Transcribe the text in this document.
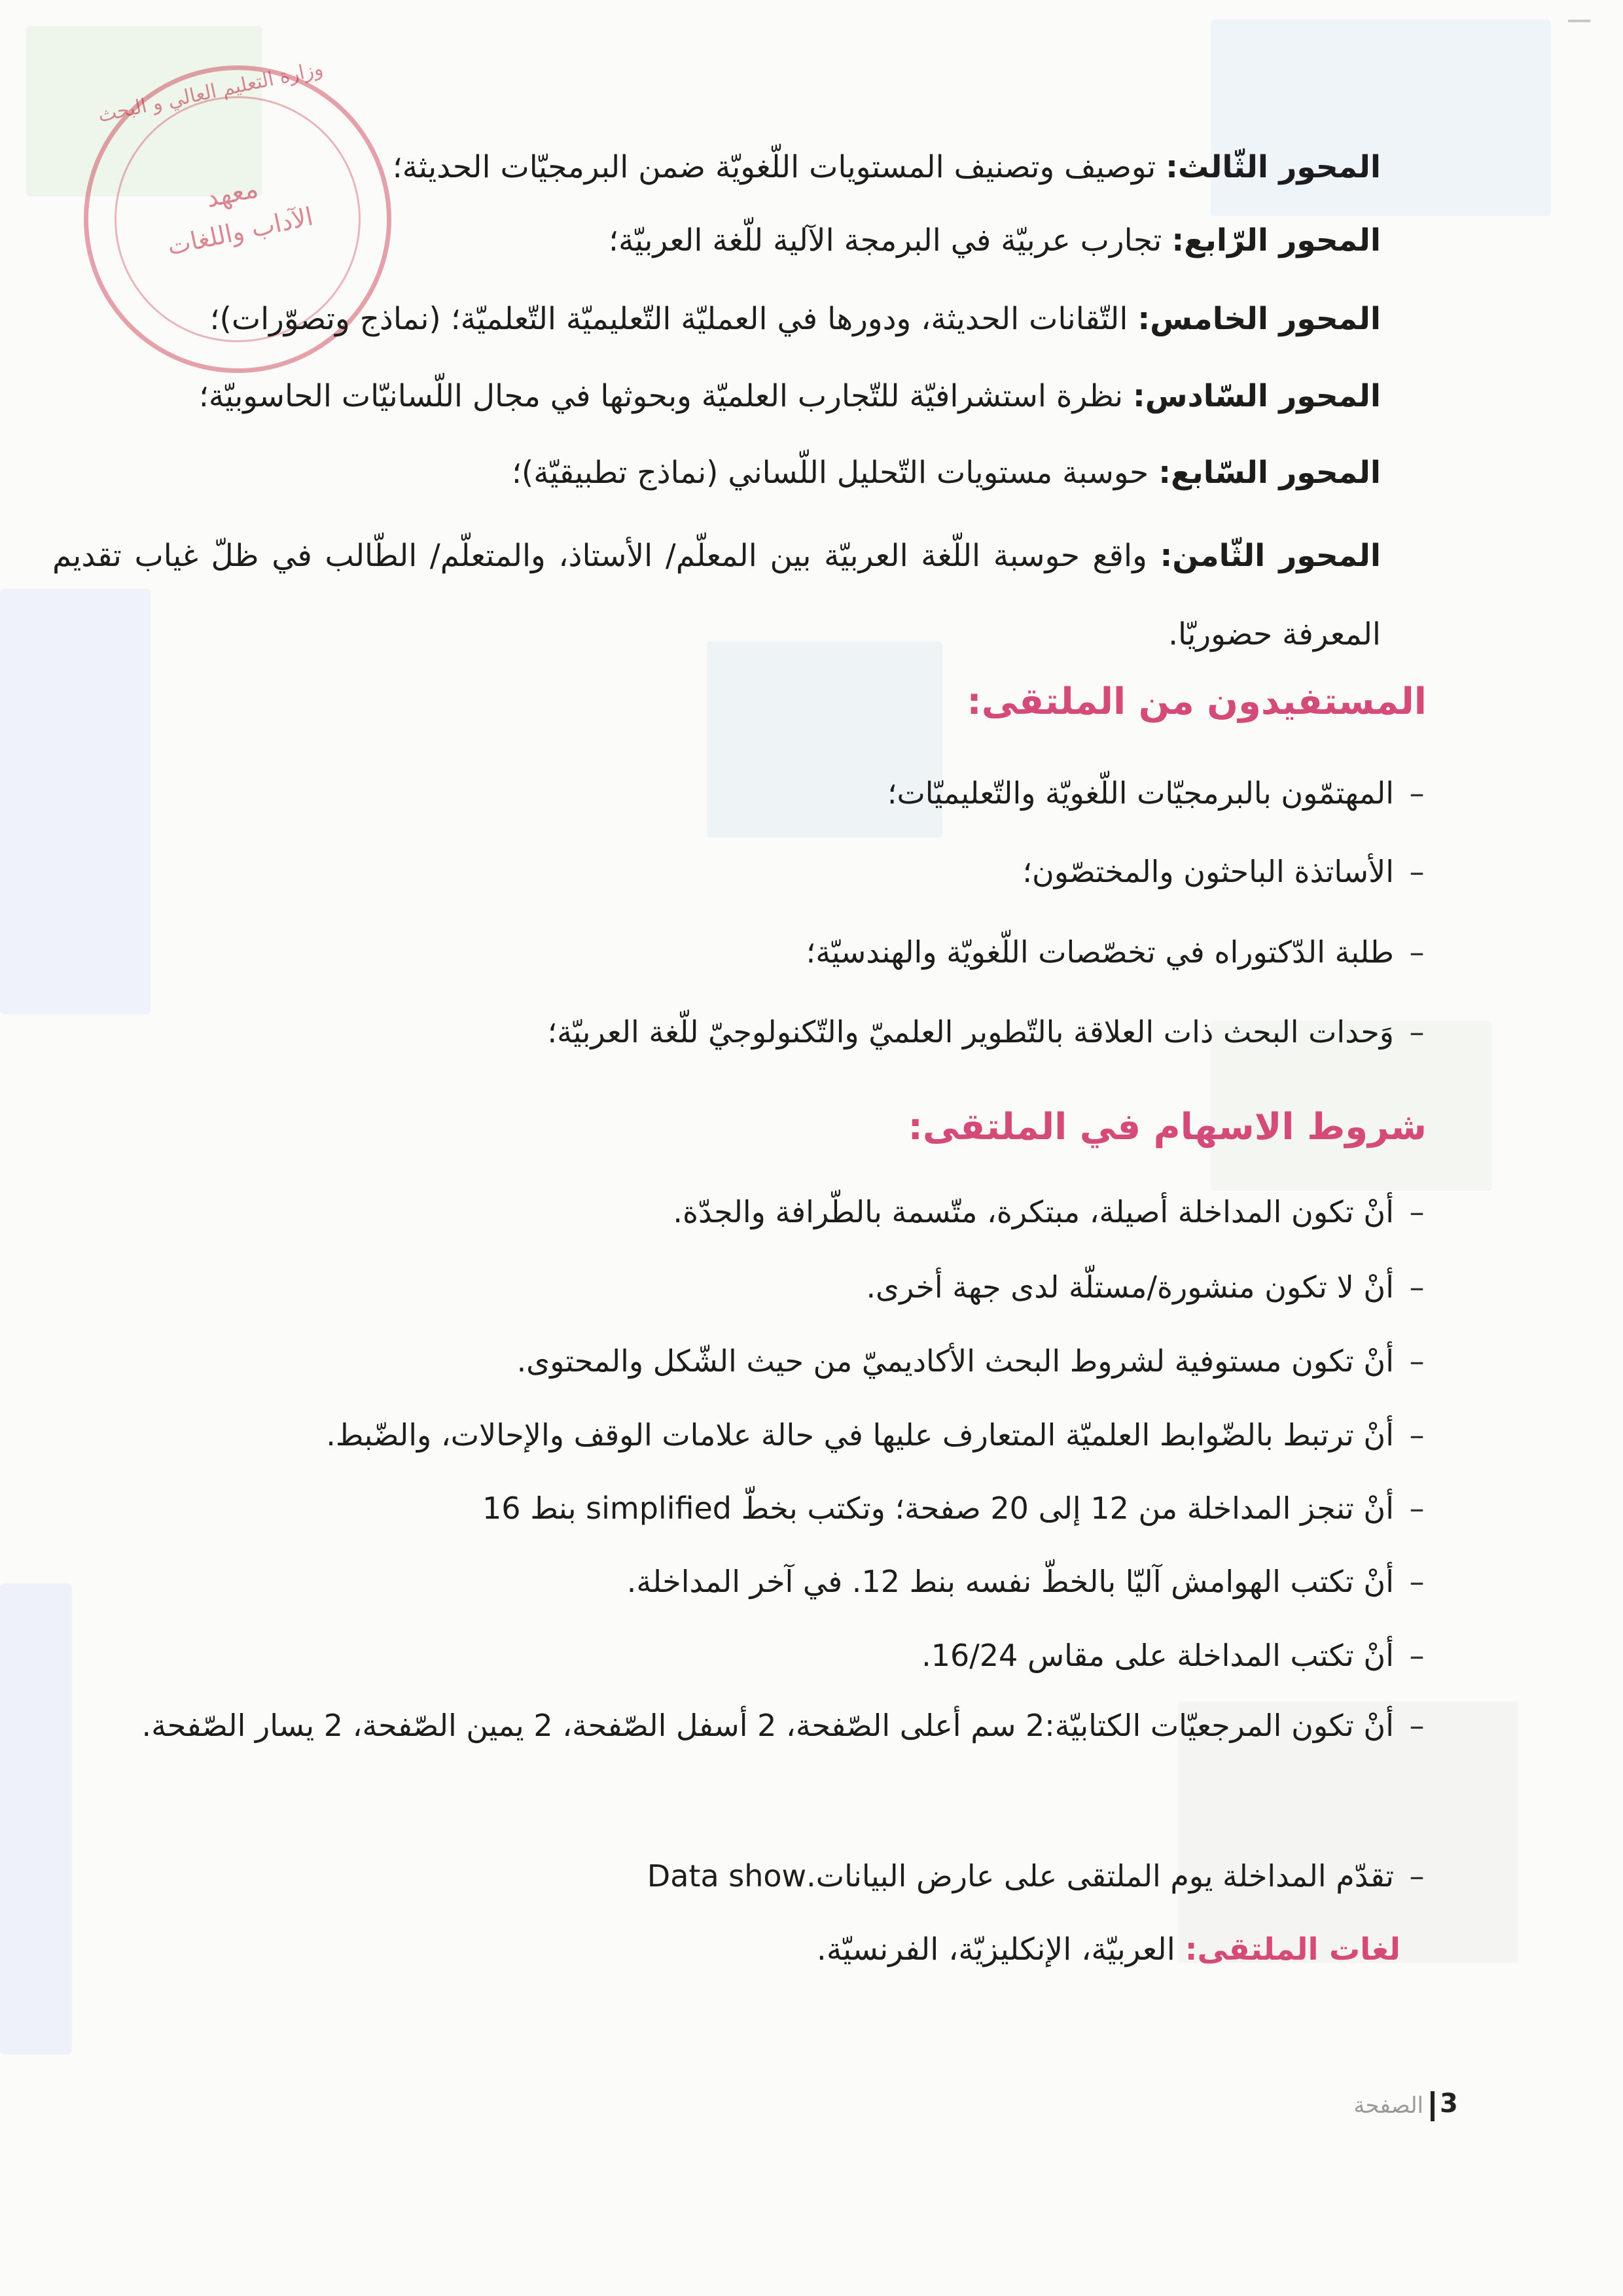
وزارة التعليم العالي و البحث
معهد
الآداب واللغات
المحور الثّالث: توصيف وتصنيف المستويات اللّغويّة ضمن البرمجيّات الحديثة؛
المحور الرّابع: تجارب عربيّة في البرمجة الآلية للّغة العربيّة؛
المحور الخامس: التّقانات الحديثة، ودورها في العمليّة التّعليميّة التّعلميّة؛ (نماذج وتصوّرات)؛
المحور السّادس: نظرة استشرافيّة للتّجارب العلميّة وبحوثها في مجال اللّسانيّات الحاسوبيّة؛
المحور السّابع: حوسبة مستويات التّحليل اللّساني (نماذج تطبيقيّة)؛
المحور الثّامن: واقع حوسبة اللّغة العربيّة بين المعلّم/ الأستاذ، والمتعلّم/ الطّالب في ظلّ غياب تقديم المعرفة حضوريّا.
المستفيدون من الملتقى:
–المهتمّون بالبرمجيّات اللّغويّة والتّعليميّات؛
–الأساتذة الباحثون والمختصّون؛
–طلبة الدّكتوراه في تخصّصات اللّغويّة والهندسيّة؛
–وَحدات البحث ذات العلاقة بالتّطوير العلميّ والتّكنولوجيّ للّغة العربيّة؛
شروط الاسهام في الملتقى:
–أنْ تكون المداخلة أصيلة، مبتكرة، متّسمة بالطّرافة والجدّة.
–أنْ لا تكون منشورة/مستلّة لدى جهة أخرى.
–أنْ تكون مستوفية لشروط البحث الأكاديميّ من حيث الشّكل والمحتوى.
–أنْ ترتبط بالضّوابط العلميّة المتعارف عليها في حالة علامات الوقف والإحالات، والضّبط.
–أنْ تنجز المداخلة من 12 إلى 20 صفحة؛ وتكتب بخطّ simplified بنط 16
–أنْ تكتب الهوامش آليّا بالخطّ نفسه بنط 12. في آخر المداخلة.
–أنْ تكتب المداخلة على مقاس 16/24.
–أنْ تكون المرجعيّات الكتابيّة:2 سم أعلى الصّفحة، 2 أسفل الصّفحة، 2 يمين الصّفحة، 2 يسار الصّفحة.
–تقدّم المداخلة يوم الملتقى على عارض البيانات.Data show
لغات الملتقى: العربيّة، الإنكليزيّة، الفرنسيّة.
الصفحة 3
